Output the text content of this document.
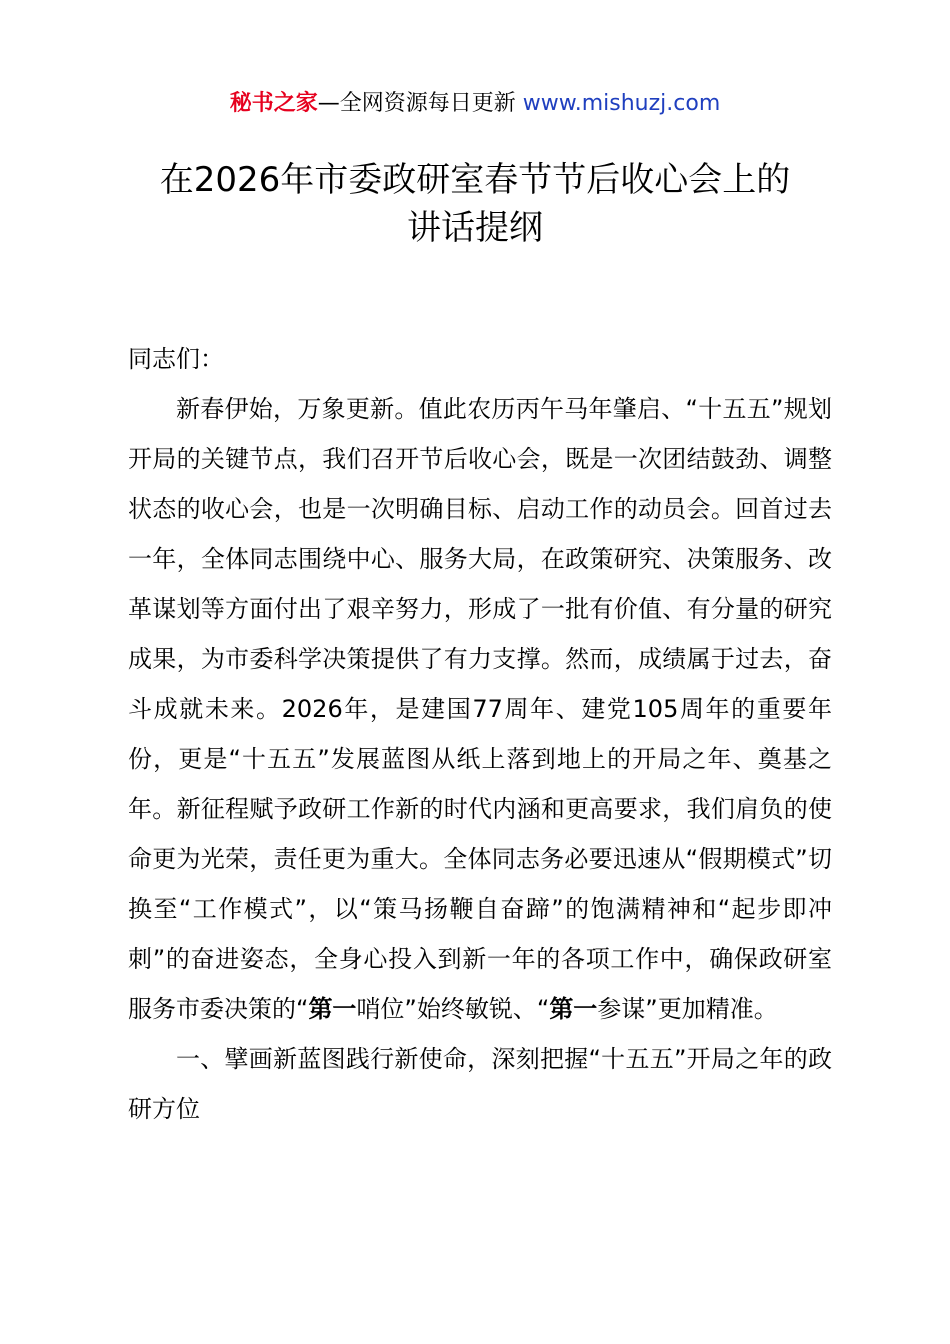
秘书之家—全网资源每日更新 www.mishuzj.com
在2026年市委政研室春节节后收心会上的
讲话提纲

同志们：

新春伊始，万象更新。值此农历丙午马年肇启、“十五五”规划开局的关键节点，我们召开节后收心会，既是一次团结鼓劲、调整状态的收心会，也是一次明确目标、启动工作的动员会。回首过去一年，全体同志围绕中心、服务大局，在政策研究、决策服务、改革谋划等方面付出了艰辛努力，形成了一批有价值、有分量的研究成果，为市委科学决策提供了有力支撑。然而，成绩属于过去，奋斗成就未来。2026年，是建国77周年、建党105周年的重要年份，更是“十五五”发展蓝图从纸上落到地上的开局之年、奠基之年。新征程赋予政研工作新的时代内涵和更高要求，我们肩负的使命更为光荣，责任更为重大。全体同志务必要迅速从“假期模式”切换至“工作模式”，以“策马扬鞭自奋蹄”的饱满精神和“起步即冲刺”的奋进姿态，全身心投入到新一年的各项工作中，确保政研室服务市委决策的“第一哨位”始终敏锐、“第一参谋”更加精准。

一、擘画新蓝图践行新使命，深刻把握“十五五”开局之年的政研方位
